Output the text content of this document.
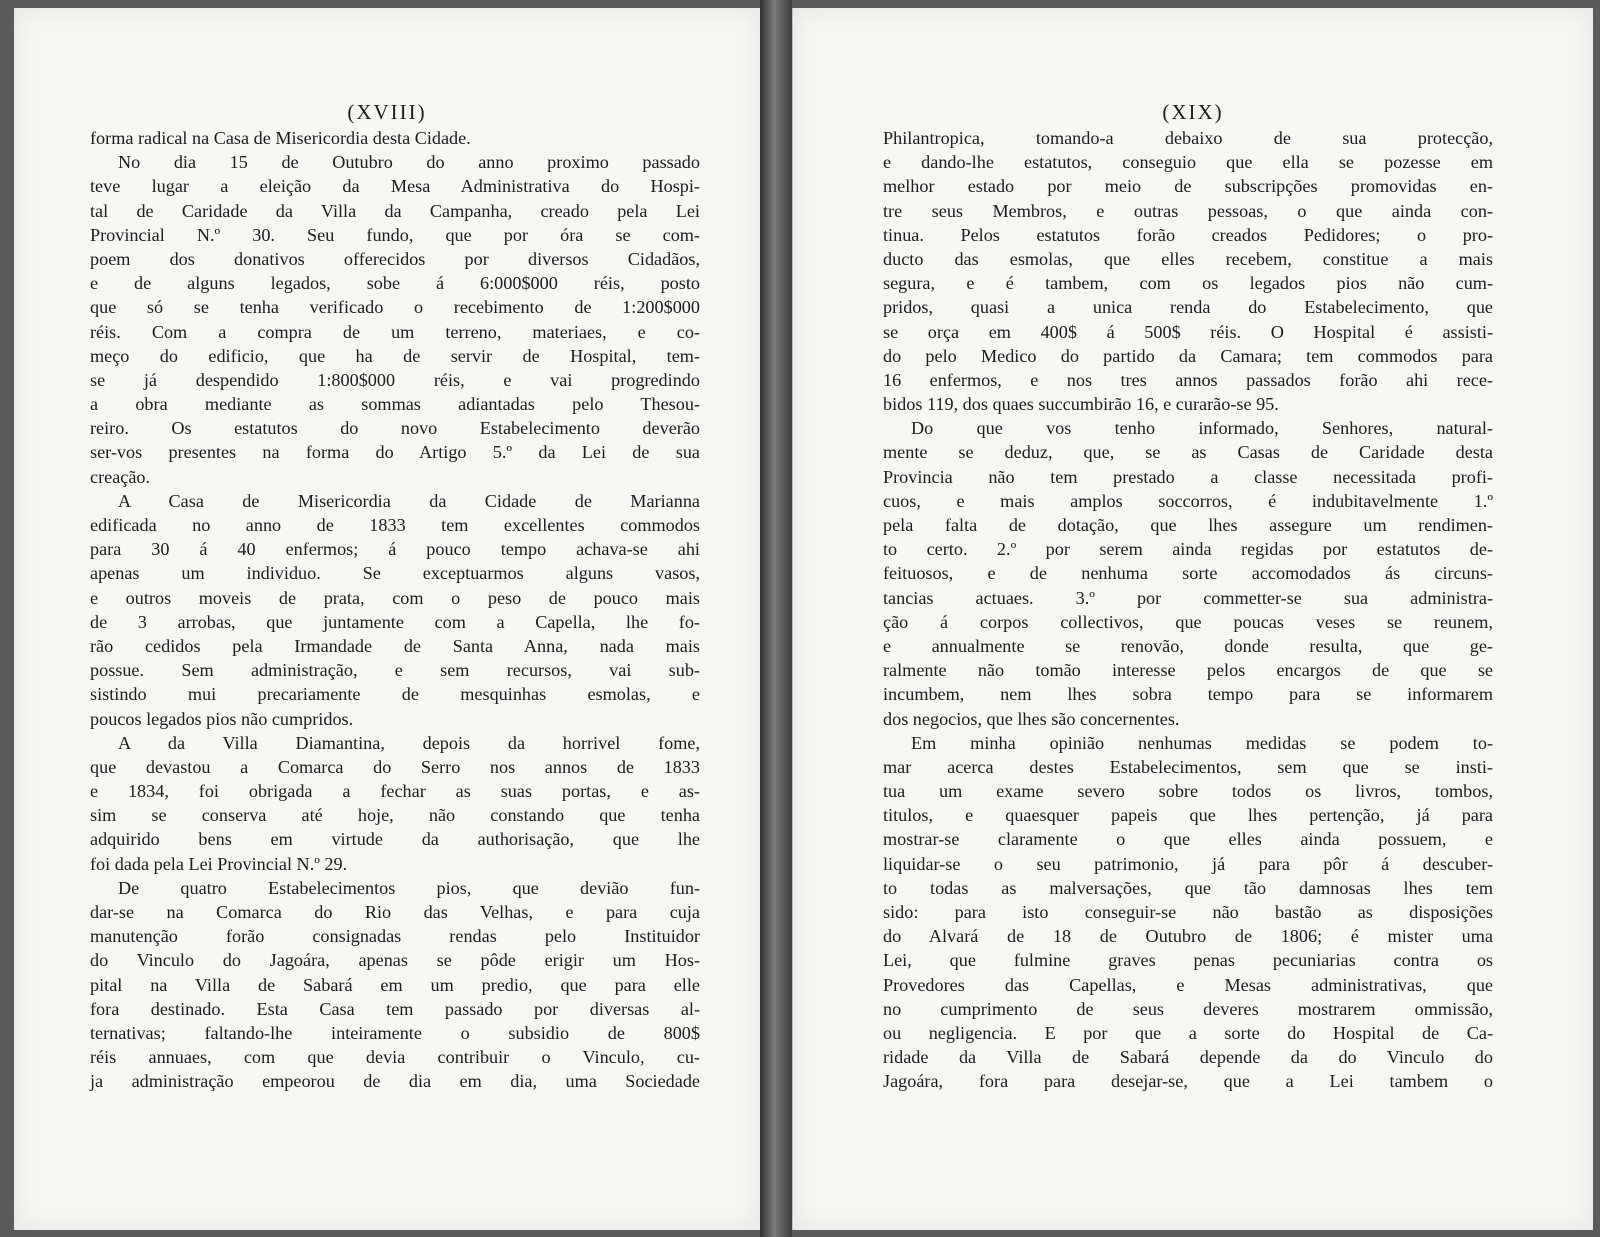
(XVIII)
forma radical na Casa de Misericordia desta Cidade.
No dia 15 de Outubro do anno proximo passado
teve lugar a eleição da Mesa Administrativa do Hospi-
tal de Caridade da Villa da Campanha, creado pela Lei
Provincial N.º 30. Seu fundo, que por óra se com-
poem dos donativos offerecidos por diversos Cidadãos,
e de alguns legados, sobe á 6:000$000 réis, posto
que só se tenha verificado o recebimento de 1:200$000
réis. Com a compra de um terreno, materiaes, e co-
meço do edificio, que ha de servir de Hospital, tem-
se já despendido 1:800$000 réis, e vai progredindo
a obra mediante as sommas adiantadas pelo Thesou-
reiro. Os estatutos do novo Estabelecimento deverão
ser-vos presentes na forma do Artigo 5.º da Lei de sua
creação.
A Casa de Misericordia da Cidade de Marianna
edificada no anno de 1833 tem excellentes commodos
para 30 á 40 enfermos; á pouco tempo achava-se ahi
apenas um individuo. Se exceptuarmos alguns vasos,
e outros moveis de prata, com o peso de pouco mais
de 3 arrobas, que juntamente com a Capella, lhe fo-
rão cedidos pela Irmandade de Santa Anna, nada mais
possue. Sem administração, e sem recursos, vai sub-
sistindo mui precariamente de mesquinhas esmolas, e
poucos legados pios não cumpridos.
A da Villa Diamantina, depois da horrivel fome,
que devastou a Comarca do Serro nos annos de 1833
e 1834, foi obrigada a fechar as suas portas, e as-
sim se conserva até hoje, não constando que tenha
adquirido bens em virtude da authorisação, que lhe
foi dada pela Lei Provincial N.º 29.
De quatro Estabelecimentos pios, que devião fun-
dar-se na Comarca do Rio das Velhas, e para cuja
manutenção forão consignadas rendas pelo Instituidor
do Vinculo do Jagoára, apenas se pôde erigir um Hos-
pital na Villa de Sabará em um predio, que para elle
fora destinado. Esta Casa tem passado por diversas al-
ternativas; faltando-lhe inteiramente o subsidio de 800$
réis annuaes, com que devia contribuir o Vinculo, cu-
ja administração empeorou de dia em dia, uma Sociedade
(XIX)
Philantropica, tomando-a debaixo de sua protecção,
e dando-lhe estatutos, conseguio que ella se pozesse em
melhor estado por meio de subscripções promovidas en-
tre seus Membros, e outras pessoas, o que ainda con-
tinua. Pelos estatutos forão creados Pedidores; o pro-
ducto das esmolas, que elles recebem, constitue a mais
segura, e é tambem, com os legados pios não cum-
pridos, quasi a unica renda do Estabelecimento, que
se orça em 400$ á 500$ réis. O Hospital é assisti-
do pelo Medico do partido da Camara; tem commodos para
16 enfermos, e nos tres annos passados forão ahi rece-
bidos 119, dos quaes succumbirão 16, e curarão-se 95.
Do que vos tenho informado, Senhores, natural-
mente se deduz, que, se as Casas de Caridade desta
Provincia não tem prestado a classe necessitada profi-
cuos, e mais amplos soccorros, é indubitavelmente 1.º
pela falta de dotação, que lhes assegure um rendimen-
to certo. 2.º por serem ainda regidas por estatutos de-
feituosos, e de nenhuma sorte accomodados ás circuns-
tancias actuaes. 3.º por commetter-se sua administra-
ção á corpos collectivos, que poucas veses se reunem,
e annualmente se renovão, donde resulta, que ge-
ralmente não tomão interesse pelos encargos de que se
incumbem, nem lhes sobra tempo para se informarem
dos negocios, que lhes são concernentes.
Em minha opinião nenhumas medidas se podem to-
mar acerca destes Estabelecimentos, sem que se insti-
tua um exame severo sobre todos os livros, tombos,
titulos, e quaesquer papeis que lhes pertenção, já para
mostrar-se claramente o que elles ainda possuem, e
liquidar-se o seu patrimonio, já para pôr á descuber-
to todas as malversações, que tão damnosas lhes tem
sido: para isto conseguir-se não bastão as disposições
do Alvará de 18 de Outubro de 1806; é mister uma
Lei, que fulmine graves penas pecuniarias contra os
Provedores das Capellas, e Mesas administrativas, que
no cumprimento de seus deveres mostrarem ommissão,
ou negligencia. E por que a sorte do Hospital de Ca-
ridade da Villa de Sabará depende da do Vinculo do
Jagoára, fora para desejar-se, que a Lei tambem o
